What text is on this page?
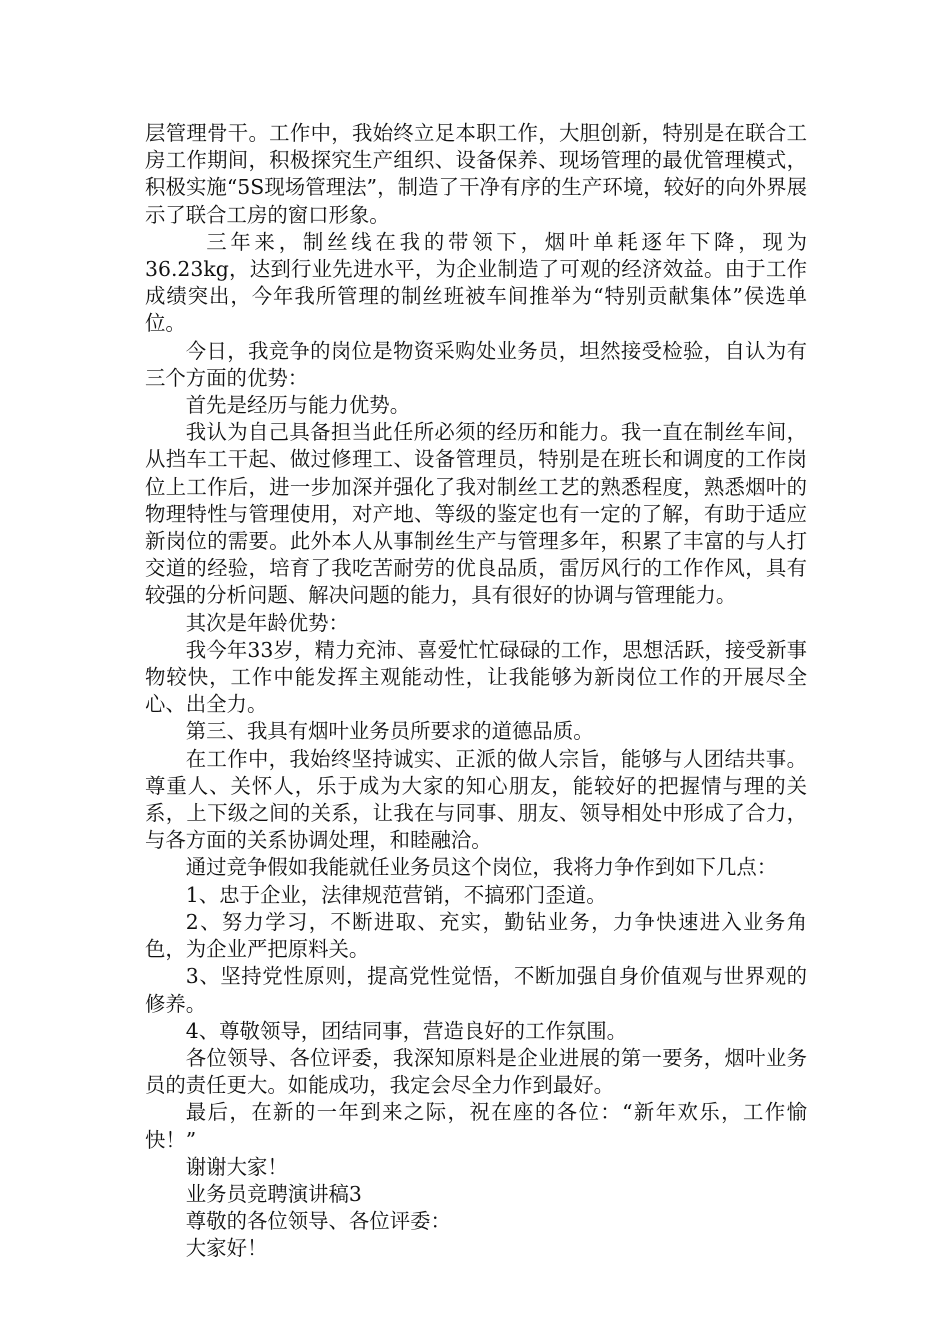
层管理骨干。工作中，我始终立足本职工作，大胆创新，特别是在联合工房工作期间，积极探究生产组织、设备保养、现场管理的最优管理模式，积极实施“5S现场管理法”，制造了干净有序的生产环境，较好的向外界展示了联合工房的窗口形象。

三年来，制丝线在我的带领下，烟叶单耗逐年下降，现为36.23kg，达到行业先进水平，为企业制造了可观的经济效益。由于工作成绩突出，今年我所管理的制丝班被车间推举为“特别贡献集体”侯选单位。

今日，我竞争的岗位是物资采购处业务员，坦然接受检验，自认为有三个方面的优势：

首先是经历与能力优势。

我认为自己具备担当此任所必须的经历和能力。我一直在制丝车间，从挡车工干起、做过修理工、设备管理员，特别是在班长和调度的工作岗位上工作后，进一步加深并强化了我对制丝工艺的熟悉程度，熟悉烟叶的物理特性与管理使用，对产地、等级的鉴定也有一定的了解，有助于适应新岗位的需要。此外本人从事制丝生产与管理多年，积累了丰富的与人打交道的经验，培育了我吃苦耐劳的优良品质，雷厉风行的工作作风，具有较强的分析问题、解决问题的能力，具有很好的协调与管理能力。

其次是年龄优势：

我今年33岁，精力充沛、喜爱忙忙碌碌的工作，思想活跃，接受新事物较快，工作中能发挥主观能动性，让我能够为新岗位工作的开展尽全心、出全力。

第三、我具有烟叶业务员所要求的道德品质。

在工作中，我始终坚持诚实、正派的做人宗旨，能够与人团结共事。尊重人、关怀人，乐于成为大家的知心朋友，能较好的把握情与理的关系，上下级之间的关系，让我在与同事、朋友、领导相处中形成了合力，与各方面的关系协调处理，和睦融洽。

通过竞争假如我能就任业务员这个岗位，我将力争作到如下几点：

1、忠于企业，法律规范营销，不搞邪门歪道。

2、努力学习，不断进取、充实，勤钻业务，力争快速进入业务角色，为企业严把原料关。

3、坚持党性原则，提高党性觉悟，不断加强自身价值观与世界观的修养。

4、尊敬领导，团结同事，营造良好的工作氛围。

各位领导、各位评委，我深知原料是企业进展的第一要务，烟叶业务员的责任更大。如能成功，我定会尽全力作到最好。

最后，在新的一年到来之际，祝在座的各位：“新年欢乐，工作愉快！”

谢谢大家！

业务员竞聘演讲稿3

尊敬的各位领导、各位评委：

大家好！
